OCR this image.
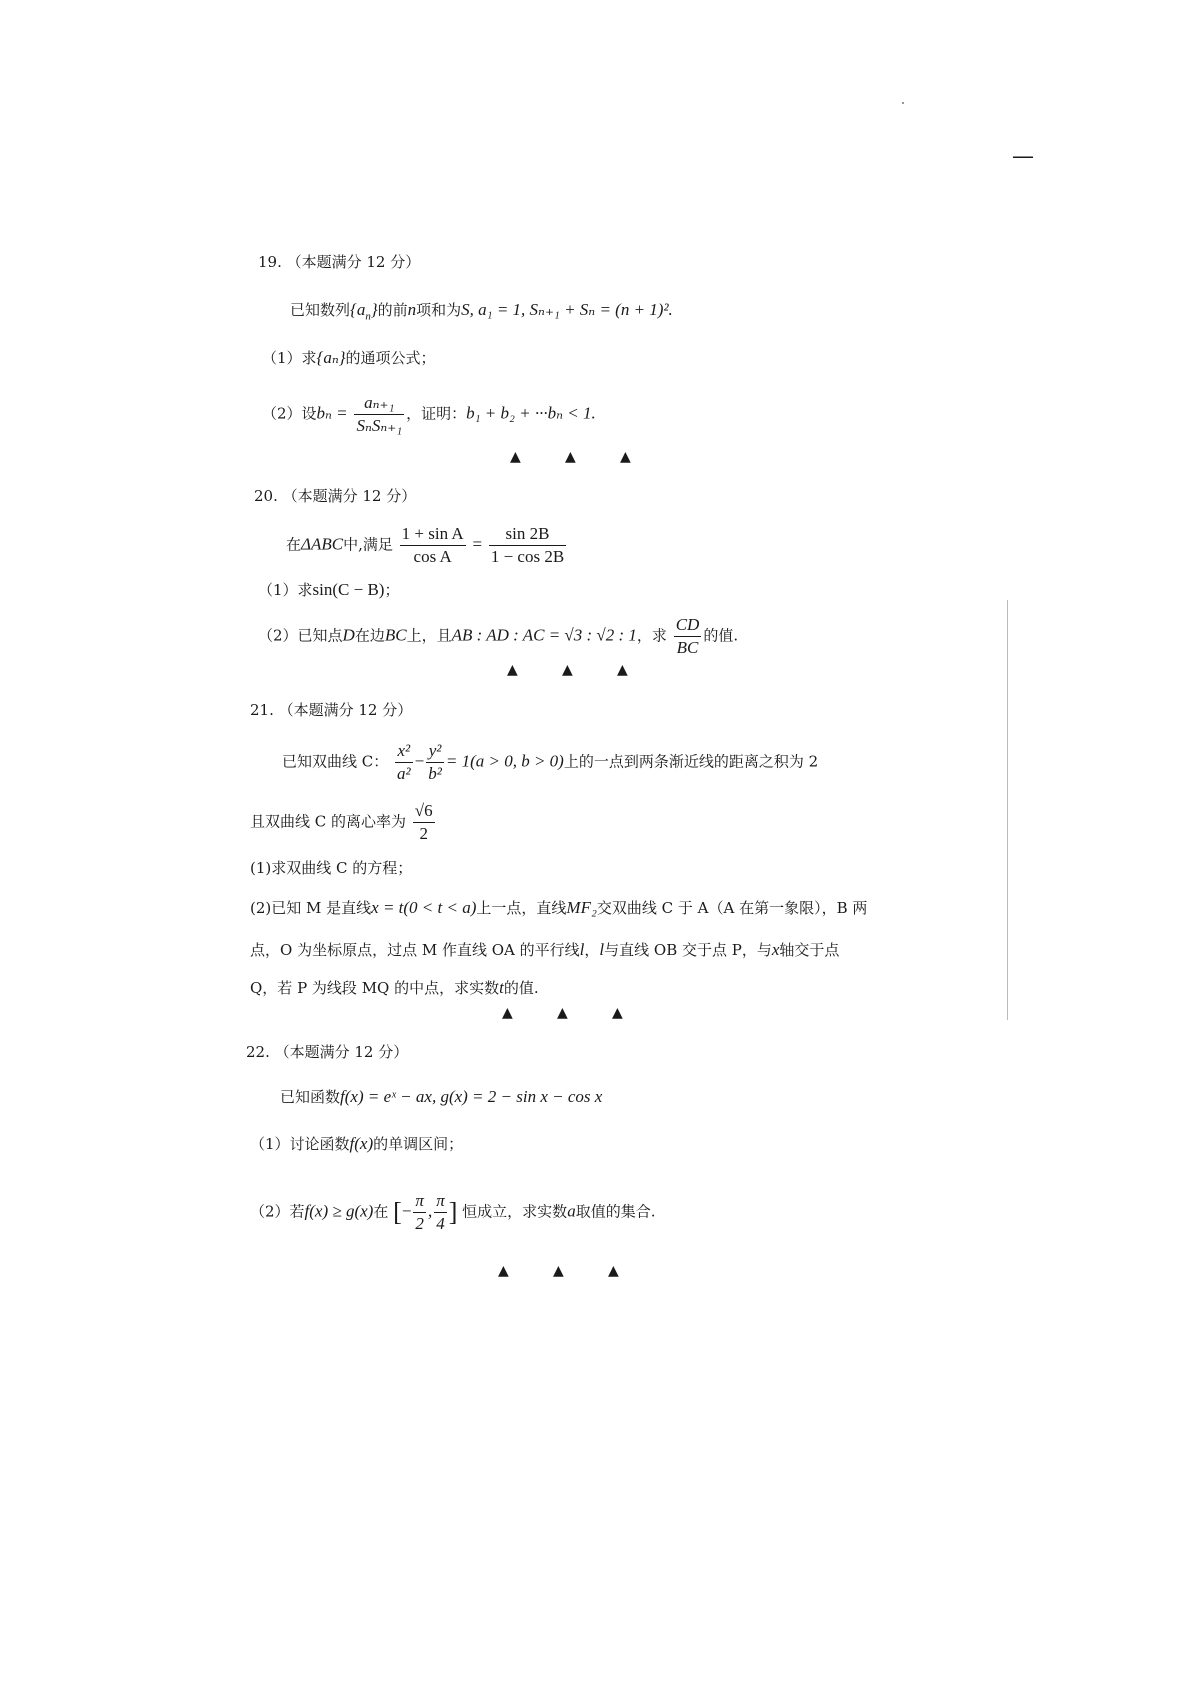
—
19. （本题满分 12 分）
已知数列$\{a_n\}$的前n项和为S, a₁ = 1, Sₙ₊₁ + Sₙ = (n + 1)².
（1）求{aₙ}的通项公式；
（2）设$b_n = \frac{\text{aₙ₊₁}}{\text{SₙSₙ₊₁}}$ ，证明：b₁ + b₂ + ···bₙ < 1.
▲	▲	▲
20. （本题满分 12 分）
在ΔABC中,满足 $\frac{\text{1 + sin A}}{\text{cos A}} = \frac{\sin 2B}{1 - \cos 2B}$
（1）求sin(C − B)；
（2）已知点D在边BC上，且AB : AD : AC = √3 : √2 : 1，求 $\frac{CD}{BC}$ 的值.
▲	▲	▲
21. （本题满分 12 分）
已知双曲线 C： $\frac{\text{x²}}{\text{a²}} - \frac{\text{y²}}{\text{b²}} = 1(a > 0$, b > 0)上的一点到两条渐近线的距离之积为 2
且双曲线 C 的离心率为 $\frac{√6}{2}$
(1)求双曲线 C 的方程；
(2)已知 M 是直线x = t(0 < t < a)上一点，直线MF₂交双曲线 C 于 A（A 在第一象限），B 两
点，O 为坐标原点，过点 M 作直线 OA 的平行线l，l与直线 OB 交于点 P，与x轴交于点
Q，若 P 为线段 MQ 的中点，求实数t的值.
▲	▲	▲
22. （本题满分 12 分）
已知函数f(x) = eˣ − ax, g(x) = 2 − sin x − cos x
（1）讨论函数f(x)的单调区间；
（2）若f(x) ≥ g(x)在 [− $\frac{\pi}{2}$ , $\frac{\pi}{4}$ ] 恒成立，求实数a取值的集合.
▲	▲	▲
